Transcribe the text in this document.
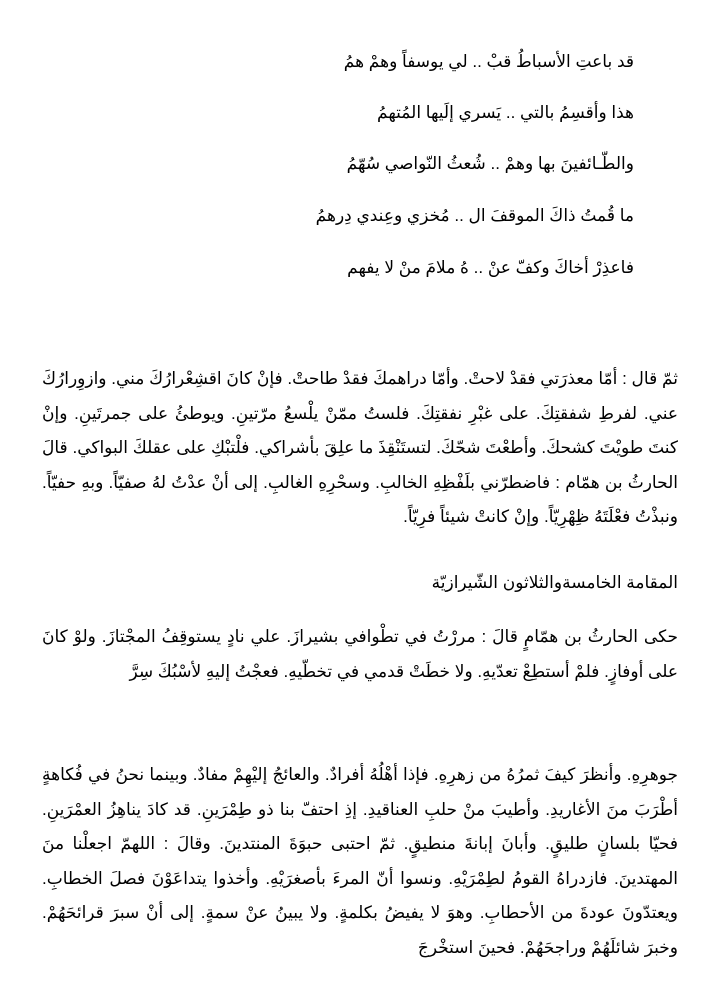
قد باعتِ الأسباطُ قبْ .. لي يوسفاً وهمْ همُ

هذا وأقسِمُ بالتي .. يَسري إلَيها المُتهمُ

والطّـائفينَ بها وهمْ .. شُعثُ النّواصي سُهّمُ

ما قُمتُ ذاكَ الموقفَ ال .. مُخزي وعِندي دِرهمُ

فاعذِرْ أخاكَ وكفّ عنْ .. هُ ملامَ منْ لا يفهم

ثمّ قال : أمّا معذرَتي فقدْ لاحتْ. وأمّا دراهمكَ فقدْ طاحتْ. فإنْ كانَ اقشِعْرارُكَ مني. وازوِرارُكَ عني. لفرطِ شفقتِكَ. على غبْرِ نفقتِكَ. فلستُ ممّنْ يلْسعُ مرّتينِ. ويوطئُ على جمرتَينِ. وإنْ كنتَ طويْتَ كشحكَ. وأطعْتَ شحّكَ. لتستَنْقِذَ ما علِقَ بأشراكي. فلْتبْكِ على عقلكَ البواكي. قالَ الحارثُ بن همّام : فاضطرّني بلَفْظِهِ الخالبِ. وسحْرِهِ الغالبِ. إلى أنْ عدْتُ لهُ صفيّاً. وبهِ حفيّاً. ونبذْتُ فعْلَتَهُ ظِهْرِيّاً. وإنْ كانتْ شيئاً فرِيّاً.

المقامة الخامسةوالثلاثون الشّيرازيّة

حكى الحارثُ بن همّامٍ قالَ : مررْتُ في تطْوافي بشيرازَ. علي نادٍ يستوقِفُ المجْتازَ. ولوْ كانَ على أوفازٍ. فلمْ أستطِعْ تعدّيهِ. ولا خطَتْ قدمي في تخطّيهِ. فعجْتُ إليهِ لأسْبُكَ سِرَّ

جوهرِهِ. وأنظرَ كيفَ ثمرُهُ من زهرِهِ. فإذا أهْلُهُ أفرادٌ. والعائجُ إليْهِمْ مفادٌ. وبينما نحنُ في فُكاهةٍ أطْرَبَ منَ الأغاريدِ. وأطيبَ منْ حلبِ العناقيدِ. إذِ احتفّ بنا ذو طِمْرَينِ. قد كادَ يناهِزُ العمْرَينِ. فحيّا بلسانٍ طليقٍ. وأبانَ إبانةَ منطيقٍ. ثمّ احتبى حبوَةَ المنتدينَ. وقالَ : اللهمّ اجعلْنا منَ المهتدينَ. فازدراهُ القومُ لطِمْرَيْهِ. ونسوا أنّ المرءَ بأصغرَيْهِ. وأخذوا يتداعَوْنَ فصلَ الخطابِ. ويعتدّونَ عودةَ من الأحطابِ. وهوَ لا يفيضُ بكلمةٍ. ولا يبينُ عنْ سمةٍ. إلى أنْ سبرَ قرائحَهُمْ. وخبرَ شائلَهُمْ وراجحَهُمْ. فحينَ استخْرجَ
